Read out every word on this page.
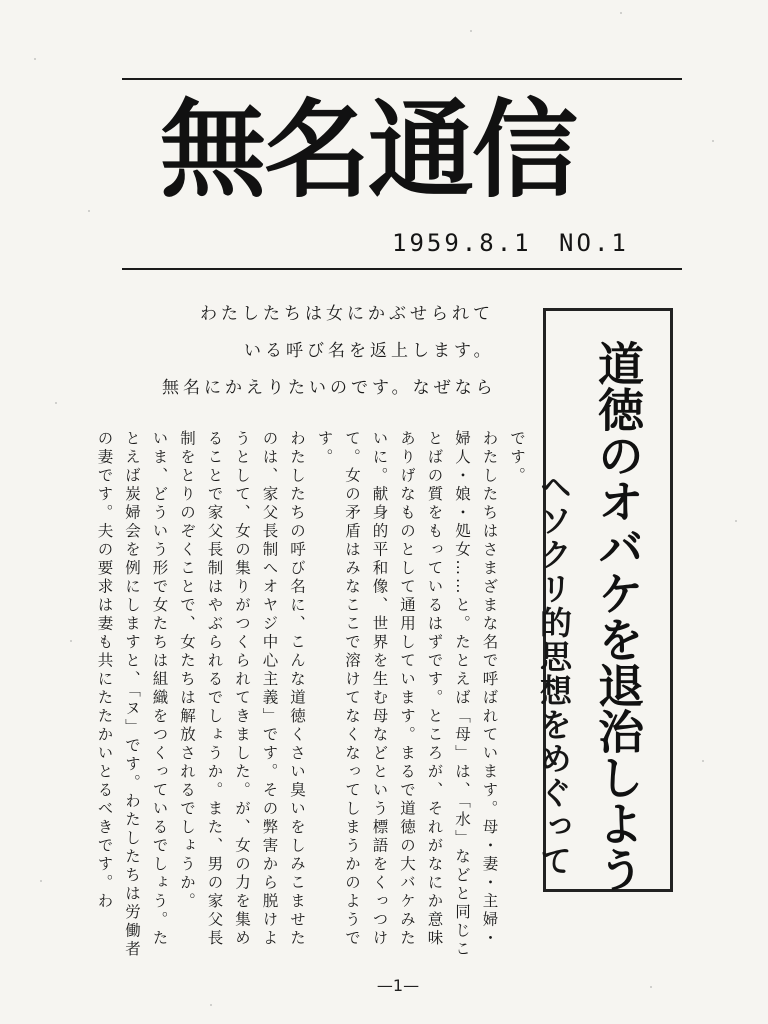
無名通信
1959.8.1 NO.1
わたしたちは女にかぶせられて
いる呼び名を返上します。
無名にかえりたいのです。なぜなら

です。

わたしたちはさまざまな名で呼ばれています。母・妻・主婦・婦人・娘・処女……と。たとえば「母」は、「水」などと同じことばの質をもっているはずです。ところが、それがなにか意味ありげなものとして通用しています。まるで道徳の大バケみたいに。献身的平和像、世界を生む母などという標語をくっつけて。女の矛盾はみなここで溶けてなくなってしまうかのようです。

わたしたちの呼び名に、こんな道徳くさい臭いをしみこませたのは、家父長制へオヤジ中心主義」です。その弊害から脱けようとして、女の集りがつくられてきました。が、女の力を集めることで家父長制はやぶられるでしょうか。また、男の家父長制をとりのぞくことで、女たちは解放されるでしょうか。

いま、どういう形で女たちは組織をつくっているでしょう。たとえば炭婦会を例にしますと、「ヌ」です。わたしたちは労働者の妻です。夫の要求は妻も共にたたかいとるべきです。わ	道徳のオバケを退治しよう
ヘソクリ的思想をめぐって
—1—
